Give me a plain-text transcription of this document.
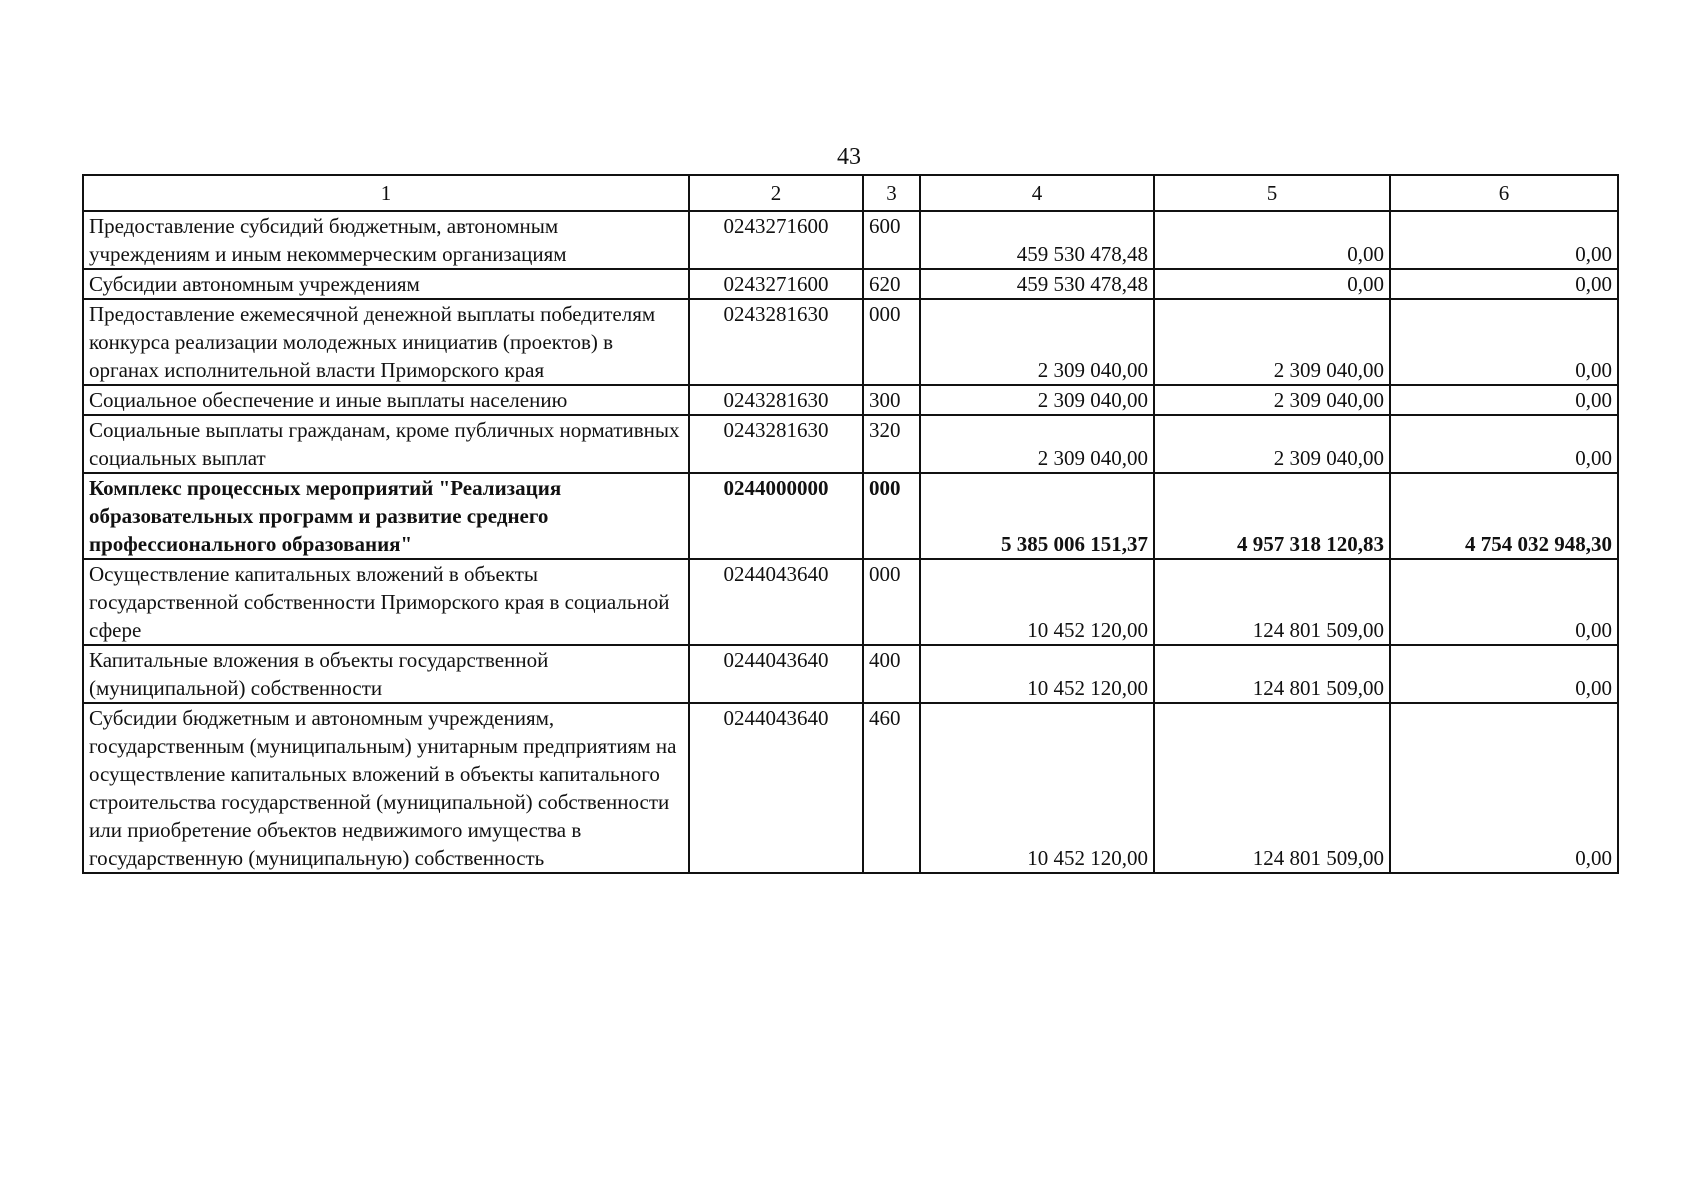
43
1	2	3	4	5	6
Предоставление субсидий бюджетным, автономным учреждениям и иным некоммерческим организациям	0243271600	600	459 530 478,48	0,00	0,00
Субсидии автономным учреждениям	0243271600	620	459 530 478,48	0,00	0,00
Предоставление ежемесячной денежной выплаты победителям конкурса реализации молодежных инициатив (проектов) в органах исполнительной власти Приморского края	0243281630	000	2 309 040,00	2 309 040,00	0,00
Социальное обеспечение и иные выплаты населению	0243281630	300	2 309 040,00	2 309 040,00	0,00
Социальные выплаты гражданам, кроме публичных нормативных социальных выплат	0243281630	320	2 309 040,00	2 309 040,00	0,00
Комплекс процессных мероприятий "Реализация образовательных программ и развитие среднего профессионального образования"	0244000000	000	5 385 006 151,37	4 957 318 120,83	4 754 032 948,30
Осуществление капитальных вложений в объекты государственной собственности Приморского края в социальной сфере	0244043640	000	10 452 120,00	124 801 509,00	0,00
Капитальные вложения в объекты государственной (муниципальной) собственности	0244043640	400	10 452 120,00	124 801 509,00	0,00
Субсидии бюджетным и автономным учреждениям, государственным (муниципальным) унитарным предприятиям на осуществление капитальных вложений в объекты капитального строительства государственной (муниципальной) собственности или приобретение объектов недвижимого имущества в государственную (муниципальную) собственность	0244043640	460	10 452 120,00	124 801 509,00	0,00
